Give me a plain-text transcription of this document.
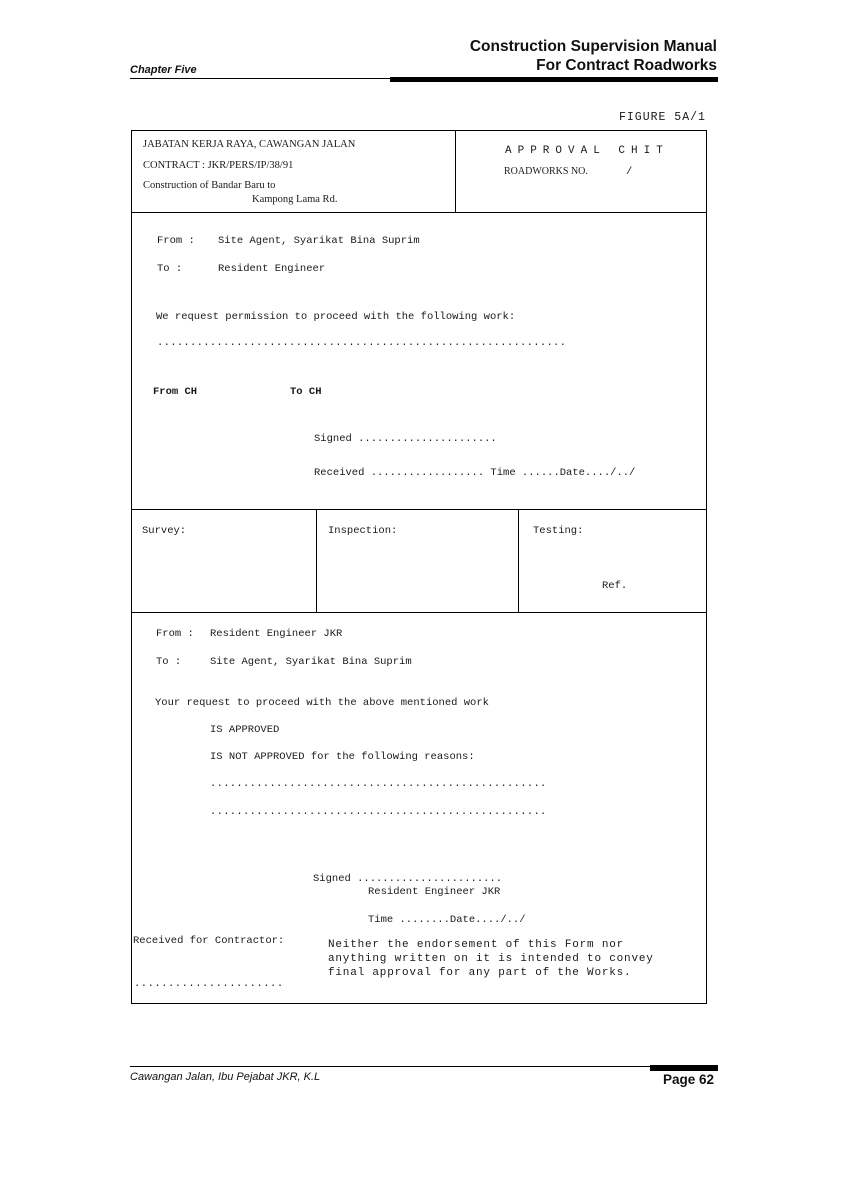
Construction Supervision Manual
For Contract Roadworks
Chapter Five
FIGURE 5A/1
JABATAN KERJA RAYA, CAWANGAN JALAN
CONTRACT : JKR/PERS/IP/38/91
Construction of Bandar Baru to
Kampong Lama Rd.
APPROVAL CHIT
ROADWORKS NO.	/
From : Site Agent, Syarikat Bina Suprim
To :	Resident Engineer
We request permission to proceed with the following work:
..............................................................
From CH	To CH
Signed ......................
Received .................. Time ......Date..../../
Survey:	Inspection:	Testing:
Ref.
From : Resident Engineer JKR
To :	Site Agent, Syarikat Bina Suprim
Your request to proceed with the above mentioned work
IS APPROVED
IS NOT APPROVED for the following reasons:
...................................................
...................................................
Signed .......................
Resident Engineer JKR
Time ........Date..../../
Received for Contractor:
......................
Neither the endorsement of this Form nor
anything written on it is intended to convey
final approval for any part of the Works.
Cawangan Jalan, Ibu Pejabat JKR, K.L	Page 62
